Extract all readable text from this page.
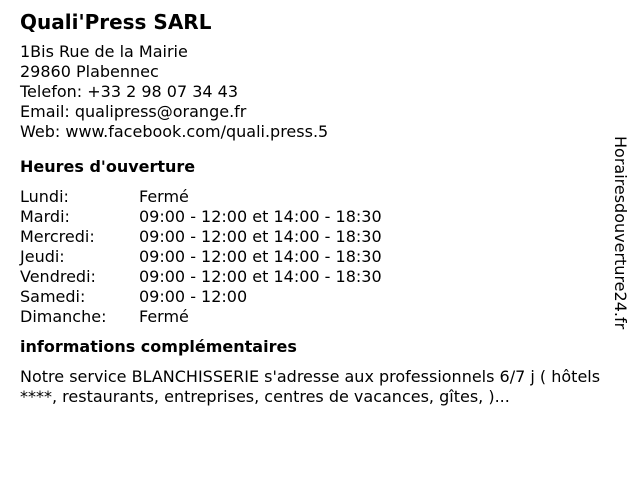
Quali'Press SARL
1Bis Rue de la Mairie
29860 Plabennec
Telefon: +33 2 98 07 34 43
Email: qualipress@orange.fr
Web: www.facebook.com/quali.press.5
Heures d'ouverture
Lundi:	Fermé
Mardi:	09:00 - 12:00 et 14:00 - 18:30
Mercredi:	09:00 - 12:00 et 14:00 - 18:30
Jeudi:	09:00 - 12:00 et 14:00 - 18:30
Vendredi:	09:00 - 12:00 et 14:00 - 18:30
Samedi:	09:00 - 12:00
Dimanche:	Fermé
informations complémentaires
Notre service BLANCHISSERIE s'adresse aux professionnels 6/7 j ( hôtels ****, restaurants, entreprises, centres de vacances, gîtes, )...
Horairesdouverture24.fr
